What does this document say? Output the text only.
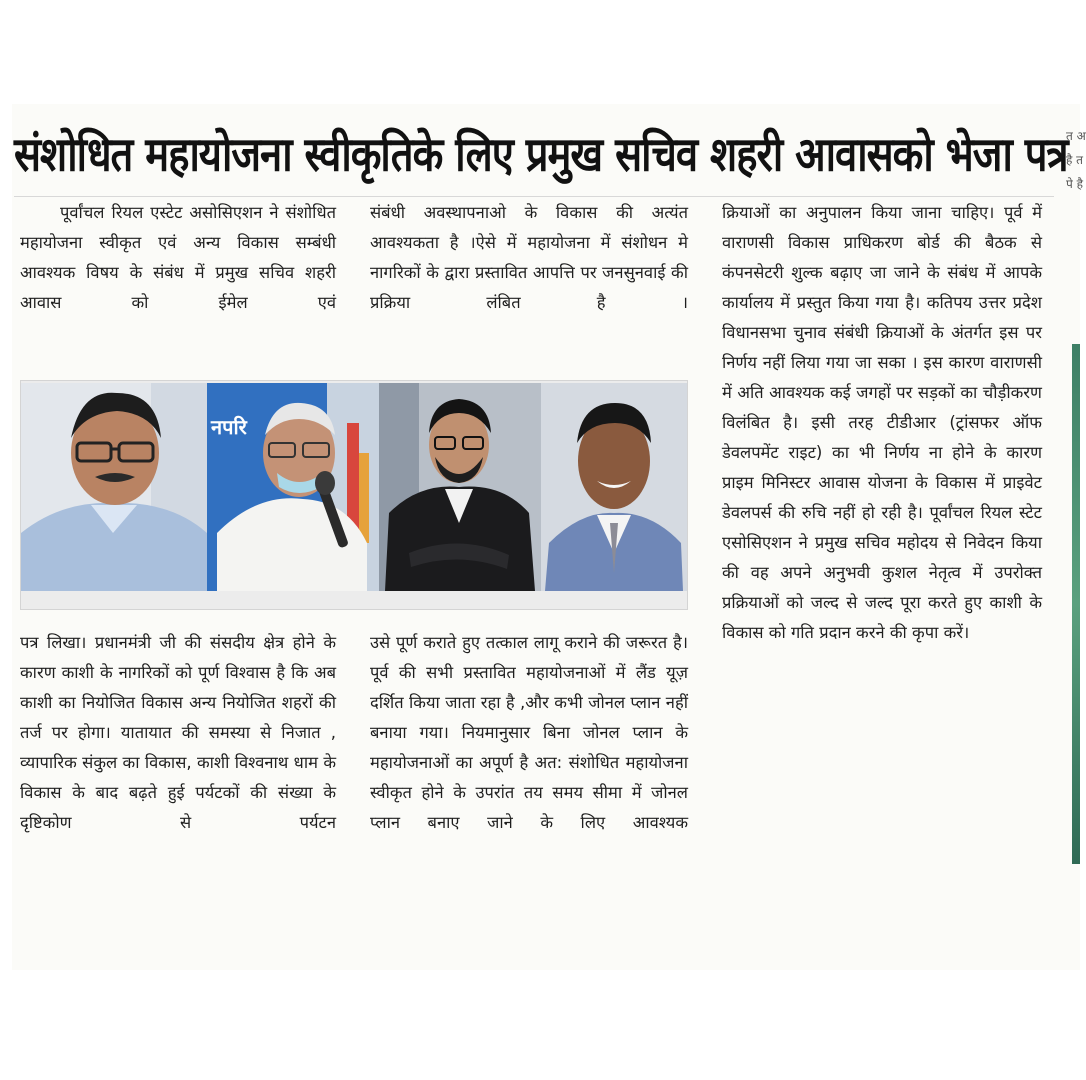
संशोधित महायोजना स्वीकृतिके लिए प्रमुख सचिव शहरी आवासको भेजा पत्र

पूर्वांचल रियल एस्टेट असोसिएशन ने संशोधित महायोजना स्वीकृत एवं अन्य विकास सम्बंधी आवश्यक विषय के संबंध में प्रमुख सचिव शहरी आवास को ईमेल एवं

संबंधी अवस्थापनाओ के विकास की अत्यंत आवश्यकता है ।ऐसे में महायोजना में संशोधन मे नागरिकों के द्वारा प्रस्तावित आपत्ति पर जनसुनवाई की प्रक्रिया लंबित है ।

क्रियाओं का अनुपालन किया जाना चाहिए। पूर्व में वाराणसी विकास प्राधिकरण बोर्ड की बैठक से कंपनसेटरी शुल्क बढ़ाए जा जाने के संबंध में आपके कार्यालय में प्रस्तुत किया गया है। कतिपय उत्तर प्रदेश विधानसभा चुनाव संबंधी क्रियाओं के अंतर्गत इस पर निर्णय नहीं लिया गया जा सका । इस कारण वाराणसी में अति आवश्यक कई जगहों पर सड़कों का चौड़ीकरण विलंबित है। इसी तरह टीडीआर (ट्रांसफर ऑफ डेवलपमेंट राइट) का भी निर्णय ना होने के कारण प्राइम मिनिस्टर आवास योजना के विकास में प्राइवेट डेवलपर्स की रुचि नहीं हो रही है। पूर्वांचल रियल स्टेट एसोसिएशन ने प्रमुख सचिव महोदय से निवेदन किया की वह अपने अनुभवी कुशल नेतृत्व में उपरोक्त प्रक्रियाओं को जल्द से जल्द पूरा करते हुए काशी के विकास को गति प्रदान करने की कृपा करें।

नपरि

पत्र लिखा। प्रधानमंत्री जी की संसदीय क्षेत्र होने के कारण काशी के नागरिकों को पूर्ण विश्वास है कि अब काशी का नियोजित विकास अन्य नियोजित शहरों की तर्ज पर होगा। यातायात की समस्या से निजात , व्यापारिक संकुल का विकास, काशी विश्वनाथ धाम के विकास के बाद बढ़ते हुई पर्यटकों की संख्या के दृष्टिकोण से पर्यटन

उसे पूर्ण कराते हुए तत्काल लागू कराने की जरूरत है। पूर्व की सभी प्रस्तावित महायोजनाओं में लैंड यूज़ दर्शित किया जाता रहा है ,और कभी जोनल प्लान नहीं बनाया गया। नियमानुसार बिना जोनल प्लान के महायोजनाओं का अपूर्ण है अत: संशोधित महायोजना स्वीकृत होने के उपरांत तय समय सीमा में जोनल प्लान बनाए जाने के लिए आवश्यक

त अ है त पे है
